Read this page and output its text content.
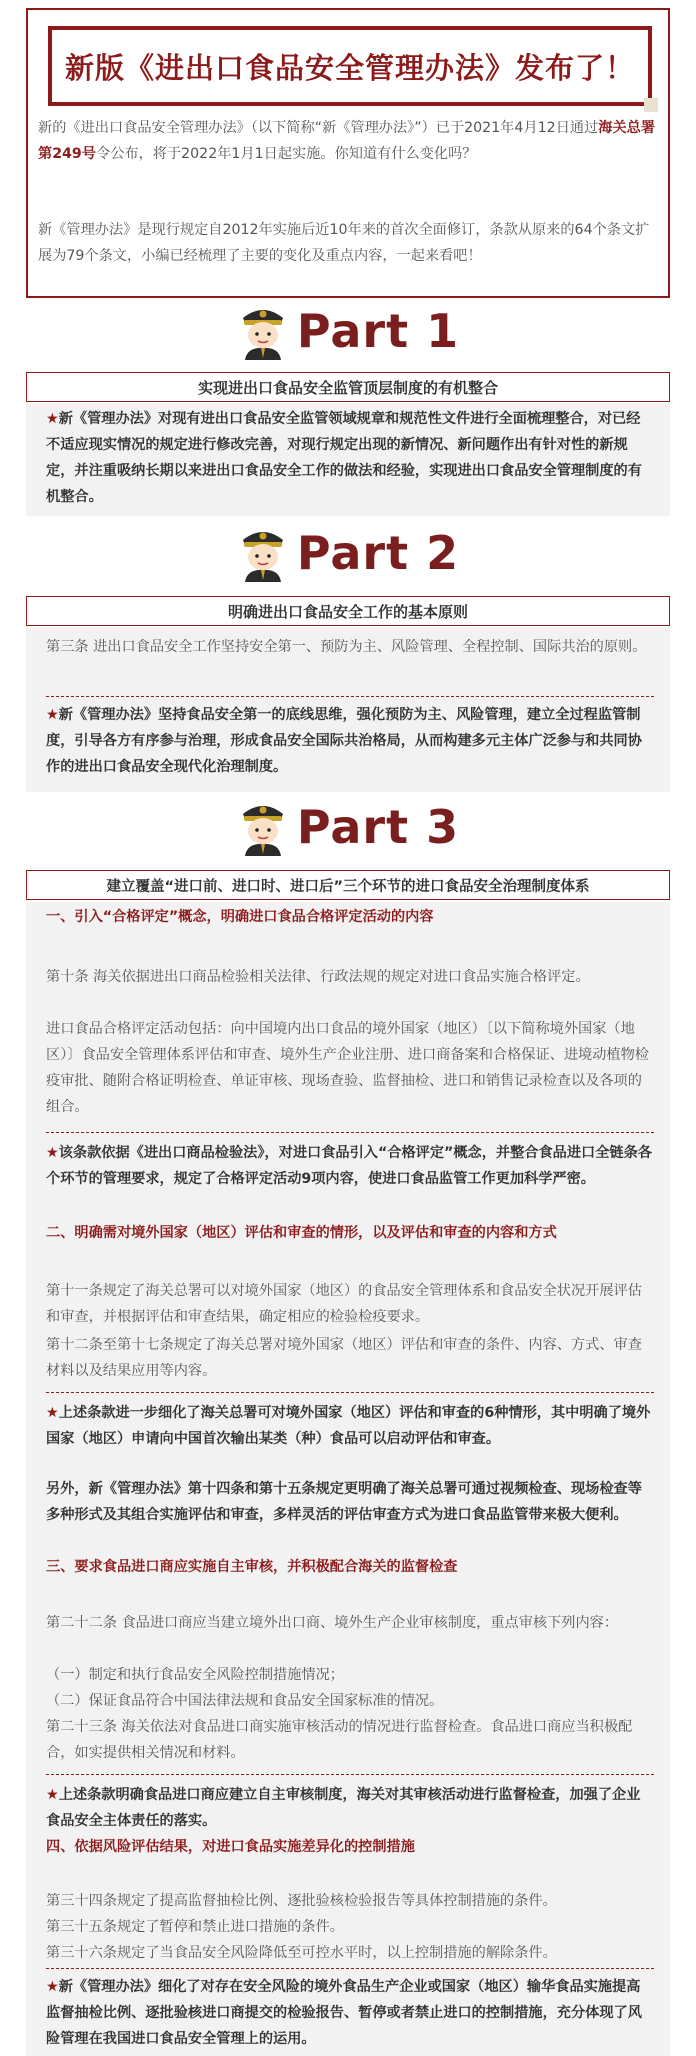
新版《进出口食品安全管理办法》发布了！

新的《进出口食品安全管理办法》（以下简称“新《管理办法》”）已于2021年4月12日通过海关总署第249号令公布，将于2022年1月1日起实施。你知道有什么变化吗？

新《管理办法》是现行规定自2012年实施后近10年来的首次全面修订，条款从原来的64个条文扩展为79个条文，小编已经梳理了主要的变化及重点内容，一起来看吧！

Part 1
实现进出口食品安全监管顶层制度的有机整合
★新《管理办法》对现有进出口食品安全监管领域规章和规范性文件进行全面梳理整合，对已经不适应现实情况的规定进行修改完善，对现行规定出现的新情况、新问题作出有针对性的新规定，并注重吸纳长期以来进出口食品安全工作的做法和经验，实现进出口食品安全管理制度的有机整合。
Part 2
明确进出口食品安全工作的基本原则
第三条 进出口食品安全工作坚持安全第一、预防为主、风险管理、全程控制、国际共治的原则。
★新《管理办法》坚持食品安全第一的底线思维，强化预防为主、风险管理，建立全过程监管制度，引导各方有序参与治理，形成食品安全国际共治格局，从而构建多元主体广泛参与和共同协作的进出口食品安全现代化治理制度。
Part 3
建立覆盖“进口前、进口时、进口后”三个环节的进口食品安全治理制度体系
一、引入“合格评定”概念，明确进口食品合格评定活动的内容
第十条 海关依据进出口商品检验相关法律、行政法规的规定对进口食品实施合格评定。
进口食品合格评定活动包括：向中国境内出口食品的境外国家（地区）〔以下简称境外国家（地区）〕食品安全管理体系评估和审查、境外生产企业注册、进口商备案和合格保证、进境动植物检疫审批、随附合格证明检查、单证审核、现场查验、监督抽检、进口和销售记录检查以及各项的组合。
★该条款依据《进出口商品检验法》，对进口食品引入“合格评定”概念，并整合食品进口全链条各个环节的管理要求，规定了合格评定活动9项内容，使进口食品监管工作更加科学严密。
二、明确需对境外国家（地区）评估和审查的情形，以及评估和审查的内容和方式
第十一条规定了海关总署可以对境外国家（地区）的食品安全管理体系和食品安全状况开展评估和审查，并根据评估和审查结果，确定相应的检验检疫要求。
第十二条至第十七条规定了海关总署对境外国家（地区）评估和审查的条件、内容、方式、审查材料以及结果应用等内容。
★上述条款进一步细化了海关总署可对境外国家（地区）评估和审查的6种情形，其中明确了境外国家（地区）申请向中国首次输出某类（种）食品可以启动评估和审查。
另外，新《管理办法》第十四条和第十五条规定更明确了海关总署可通过视频检查、现场检查等多种形式及其组合实施评估和审查，多样灵活的评估审查方式为进口食品监管带来极大便利。
三、要求食品进口商应实施自主审核，并积极配合海关的监督检查
第二十二条 食品进口商应当建立境外出口商、境外生产企业审核制度，重点审核下列内容：
（一）制定和执行食品安全风险控制措施情况；
（二）保证食品符合中国法律法规和食品安全国家标准的情况。
第二十三条 海关依法对食品进口商实施审核活动的情况进行监督检查。食品进口商应当积极配合，如实提供相关情况和材料。
★上述条款明确食品进口商应建立自主审核制度，海关对其审核活动进行监督检查，加强了企业食品安全主体责任的落实。
四、依据风险评估结果，对进口食品实施差异化的控制措施
第三十四条规定了提高监督抽检比例、逐批验核检验报告等具体控制措施的条件。
第三十五条规定了暂停和禁止进口措施的条件。
第三十六条规定了当食品安全风险降低至可控水平时，以上控制措施的解除条件。
★新《管理办法》细化了对存在安全风险的境外食品生产企业或国家（地区）输华食品实施提高监督抽检比例、逐批验核进口商提交的检验报告、暂停或者禁止进口的控制措施，充分体现了风险管理在我国进口食品安全管理上的运用。
